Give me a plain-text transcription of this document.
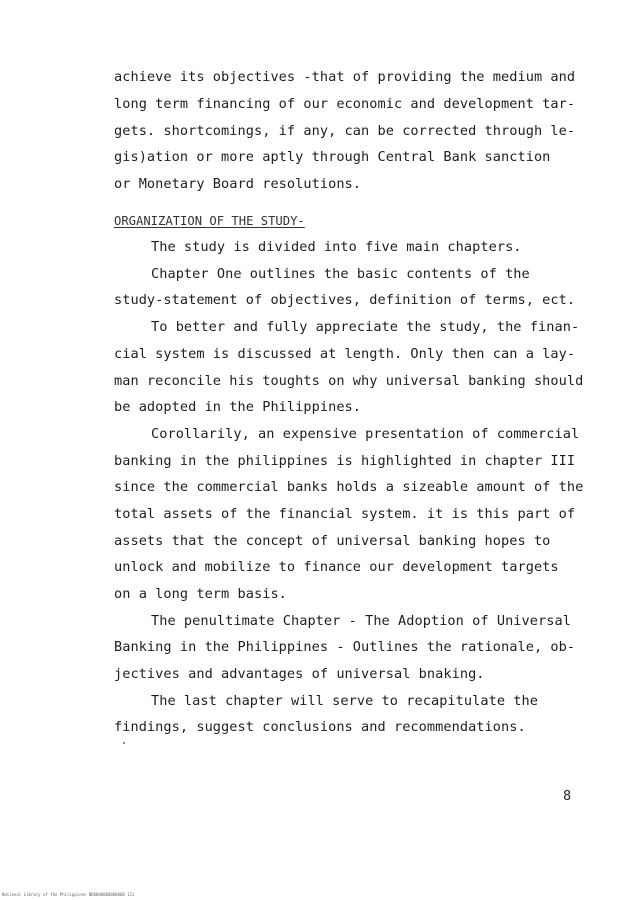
achieve its objectives -that of providing the medium and
long term financing of our economic and development tar-
gets. shortcomings, if any, can be corrected through le-
gis)ation or more aptly through Central Bank sanction
or Monetary Board resolutions.
ORGANIZATION OF THE STUDY-
The study is divided into five main chapters.
Chapter One outlines the basic contents of the
study-statement of objectives, definition of terms, ect.
To better and fully appreciate the study, the finan-
cial system is discussed at length. Only then can a lay-
man reconcile his toughts on why universal banking should
be adopted in the Philippines.
Corollarily, an expensive presentation of commercial
banking in the philippines is highlighted in chapter III
since the commercial banks holds a sizeable amount of the
total assets of the financial system. it is this part of
assets that the concept of universal banking hopes to
unlock and mobilize to finance our development targets
on a long term basis.
The penultimate Chapter - The Adoption of Universal
Banking in the Philippines - Outlines the rationale, ob-
jectives and advantages of universal bnaking.
The last chapter will serve to recapitulate the
findings, suggest conclusions and recommendations.
8
National Library of the Philippines ND0000000000000 111
